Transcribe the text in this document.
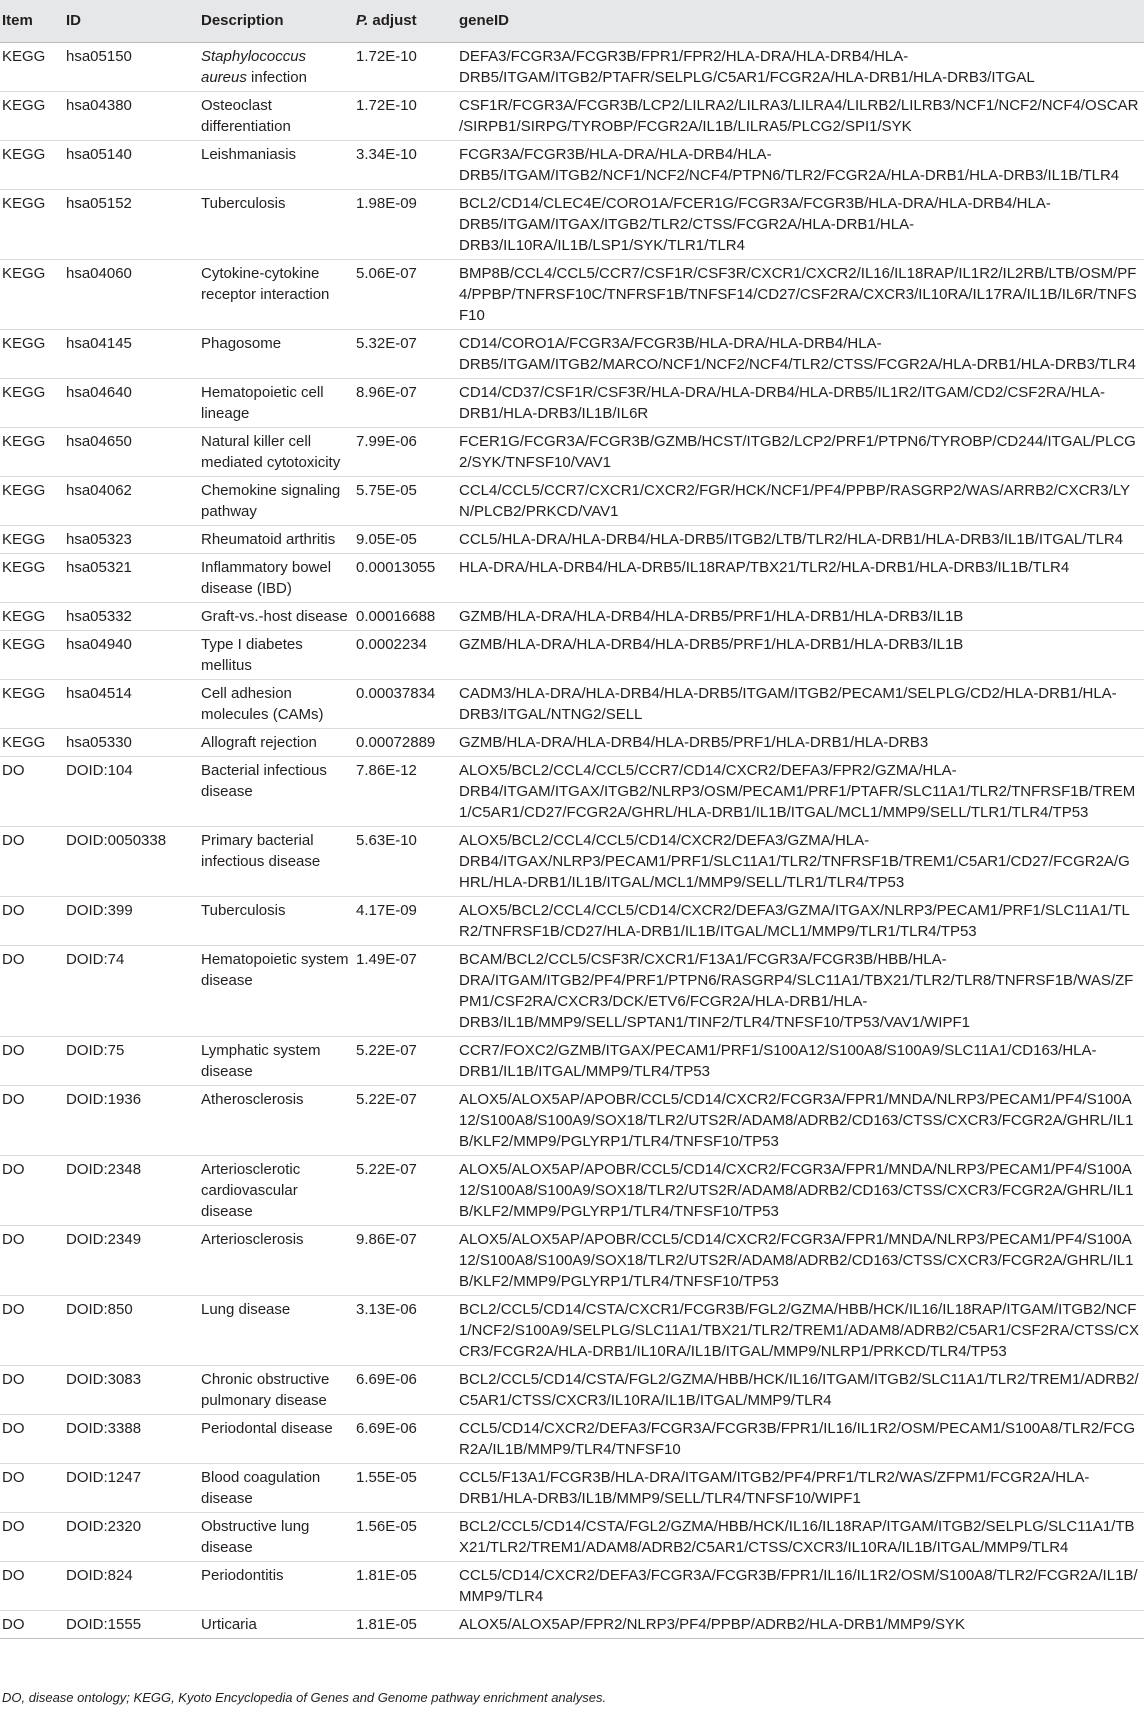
Item	ID	Description	P. adjust	geneID
KEGG	hsa05150	Staphylococcus aureus infection	1.72E-10	DEFA3/FCGR3A/FCGR3B/FPR1/FPR2/HLA-DRA/HLA-DRB4/HLA-DRB5/ITGAM/ITGB2/PTAFR/SELPLG/C5AR1/FCGR2A/HLA-DRB1/HLA-DRB3/ITGAL
KEGG	hsa04380	Osteoclast differentiation	1.72E-10	CSF1R/FCGR3A/FCGR3B/LCP2/LILRA2/LILRA3/LILRA4/LILRB2/LILRB3/NCF1/NCF2/NCF4/OSCAR/SIRPB1/SIRPG/TYROBP/FCGR2A/IL1B/LILRA5/PLCG2/SPI1/SYK
KEGG	hsa05140	Leishmaniasis	3.34E-10	FCGR3A/FCGR3B/HLA-DRA/HLA-DRB4/HLA-DRB5/ITGAM/ITGB2/NCF1/NCF2/NCF4/PTPN6/TLR2/FCGR2A/HLA-DRB1/HLA-DRB3/IL1B/TLR4
KEGG	hsa05152	Tuberculosis	1.98E-09	BCL2/CD14/CLEC4E/CORO1A/FCER1G/FCGR3A/FCGR3B/HLA-DRA/HLA-DRB4/HLA-DRB5/ITGAM/ITGAX/ITGB2/TLR2/CTSS/FCGR2A/HLA-DRB1/HLA-DRB3/IL10RA/IL1B/LSP1/SYK/TLR1/TLR4
KEGG	hsa04060	Cytokine-cytokine receptor interaction	5.06E-07	BMP8B/CCL4/CCL5/CCR7/CSF1R/CSF3R/CXCR1/CXCR2/IL16/IL18RAP/IL1R2/IL2RB/LTB/OSM/PF4/PPBP/TNFRSF10C/TNFRSF1B/TNFSF14/CD27/CSF2RA/CXCR3/IL10RA/IL17RA/IL1B/IL6R/TNFSF10
KEGG	hsa04145	Phagosome	5.32E-07	CD14/CORO1A/FCGR3A/FCGR3B/HLA-DRA/HLA-DRB4/HLA-DRB5/ITGAM/ITGB2/MARCO/NCF1/NCF2/NCF4/TLR2/CTSS/FCGR2A/HLA-DRB1/HLA-DRB3/TLR4
KEGG	hsa04640	Hematopoietic cell lineage	8.96E-07	CD14/CD37/CSF1R/CSF3R/HLA-DRA/HLA-DRB4/HLA-DRB5/IL1R2/ITGAM/CD2/CSF2RA/HLA-DRB1/HLA-DRB3/IL1B/IL6R
KEGG	hsa04650	Natural killer cell mediated cytotoxicity	7.99E-06	FCER1G/FCGR3A/FCGR3B/GZMB/HCST/ITGB2/LCP2/PRF1/PTPN6/TYROBP/CD244/ITGAL/PLCG2/SYK/TNFSF10/VAV1
KEGG	hsa04062	Chemokine signaling pathway	5.75E-05	CCL4/CCL5/CCR7/CXCR1/CXCR2/FGR/HCK/NCF1/PF4/PPBP/RASGRP2/WAS/ARRB2/CXCR3/LYN/PLCB2/PRKCD/VAV1
KEGG	hsa05323	Rheumatoid arthritis	9.05E-05	CCL5/HLA-DRA/HLA-DRB4/HLA-DRB5/ITGB2/LTB/TLR2/HLA-DRB1/HLA-DRB3/IL1B/ITGAL/TLR4
KEGG	hsa05321	Inflammatory bowel disease (IBD)	0.00013055	HLA-DRA/HLA-DRB4/HLA-DRB5/IL18RAP/TBX21/TLR2/HLA-DRB1/HLA-DRB3/IL1B/TLR4
KEGG	hsa05332	Graft-vs.-host disease	0.00016688	GZMB/HLA-DRA/HLA-DRB4/HLA-DRB5/PRF1/HLA-DRB1/HLA-DRB3/IL1B
KEGG	hsa04940	Type I diabetes mellitus	0.0002234	GZMB/HLA-DRA/HLA-DRB4/HLA-DRB5/PRF1/HLA-DRB1/HLA-DRB3/IL1B
KEGG	hsa04514	Cell adhesion molecules (CAMs)	0.00037834	CADM3/HLA-DRA/HLA-DRB4/HLA-DRB5/ITGAM/ITGB2/PECAM1/SELPLG/CD2/HLA-DRB1/HLA-DRB3/ITGAL/NTNG2/SELL
KEGG	hsa05330	Allograft rejection	0.00072889	GZMB/HLA-DRA/HLA-DRB4/HLA-DRB5/PRF1/HLA-DRB1/HLA-DRB3
DO	DOID:104	Bacterial infectious disease	7.86E-12	ALOX5/BCL2/CCL4/CCL5/CCR7/CD14/CXCR2/DEFA3/FPR2/GZMA/HLA-DRB4/ITGAM/ITGAX/ITGB2/NLRP3/OSM/PECAM1/PRF1/PTAFR/SLC11A1/TLR2/TNFRSF1B/TREM1/C5AR1/CD27/FCGR2A/GHRL/HLA-DRB1/IL1B/ITGAL/MCL1/MMP9/SELL/TLR1/TLR4/TP53
DO	DOID:0050338	Primary bacterial infectious disease	5.63E-10	ALOX5/BCL2/CCL4/CCL5/CD14/CXCR2/DEFA3/GZMA/HLA-DRB4/ITGAX/NLRP3/PECAM1/PRF1/SLC11A1/TLR2/TNFRSF1B/TREM1/C5AR1/CD27/FCGR2A/GHRL/HLA-DRB1/IL1B/ITGAL/MCL1/MMP9/SELL/TLR1/TLR4/TP53
DO	DOID:399	Tuberculosis	4.17E-09	ALOX5/BCL2/CCL4/CCL5/CD14/CXCR2/DEFA3/GZMA/ITGAX/NLRP3/PECAM1/PRF1/SLC11A1/TLR2/TNFRSF1B/CD27/HLA-DRB1/IL1B/ITGAL/MCL1/MMP9/TLR1/TLR4/TP53
DO	DOID:74	Hematopoietic system disease	1.49E-07	BCAM/BCL2/CCL5/CSF3R/CXCR1/F13A1/FCGR3A/FCGR3B/HBB/HLA-DRA/ITGAM/ITGB2/PF4/PRF1/PTPN6/RASGRP4/SLC11A1/TBX21/TLR2/TLR8/TNFRSF1B/WAS/ZFPM1/CSF2RA/CXCR3/DCK/ETV6/FCGR2A/HLA-DRB1/HLA-DRB3/IL1B/MMP9/SELL/SPTAN1/TINF2/TLR4/TNFSF10/TP53/VAV1/WIPF1
DO	DOID:75	Lymphatic system disease	5.22E-07	CCR7/FOXC2/GZMB/ITGAX/PECAM1/PRF1/S100A12/S100A8/S100A9/SLC11A1/CD163/HLA-DRB1/IL1B/ITGAL/MMP9/TLR4/TP53
DO	DOID:1936	Atherosclerosis	5.22E-07	ALOX5/ALOX5AP/APOBR/CCL5/CD14/CXCR2/FCGR3A/FPR1/MNDA/NLRP3/PECAM1/PF4/S100A12/S100A8/S100A9/SOX18/TLR2/UTS2R/ADAM8/ADRB2/CD163/CTSS/CXCR3/FCGR2A/GHRL/IL1B/KLF2/MMP9/PGLYRP1/TLR4/TNFSF10/TP53
DO	DOID:2348	Arteriosclerotic cardiovascular disease	5.22E-07	ALOX5/ALOX5AP/APOBR/CCL5/CD14/CXCR2/FCGR3A/FPR1/MNDA/NLRP3/PECAM1/PF4/S100A12/S100A8/S100A9/SOX18/TLR2/UTS2R/ADAM8/ADRB2/CD163/CTSS/CXCR3/FCGR2A/GHRL/IL1B/KLF2/MMP9/PGLYRP1/TLR4/TNFSF10/TP53
DO	DOID:2349	Arteriosclerosis	9.86E-07	ALOX5/ALOX5AP/APOBR/CCL5/CD14/CXCR2/FCGR3A/FPR1/MNDA/NLRP3/PECAM1/PF4/S100A12/S100A8/S100A9/SOX18/TLR2/UTS2R/ADAM8/ADRB2/CD163/CTSS/CXCR3/FCGR2A/GHRL/IL1B/KLF2/MMP9/PGLYRP1/TLR4/TNFSF10/TP53
DO	DOID:850	Lung disease	3.13E-06	BCL2/CCL5/CD14/CSTA/CXCR1/FCGR3B/FGL2/GZMA/HBB/HCK/IL16/IL18RAP/ITGAM/ITGB2/NCF1/NCF2/S100A9/SELPLG/SLC11A1/TBX21/TLR2/TREM1/ADAM8/ADRB2/C5AR1/CSF2RA/CTSS/CXCR3/FCGR2A/HLA-DRB1/IL10RA/IL1B/ITGAL/MMP9/NLRP1/PRKCD/TLR4/TP53
DO	DOID:3083	Chronic obstructive pulmonary disease	6.69E-06	BCL2/CCL5/CD14/CSTA/FGL2/GZMA/HBB/HCK/IL16/ITGAM/ITGB2/SLC11A1/TLR2/TREM1/ADRB2/C5AR1/CTSS/CXCR3/IL10RA/IL1B/ITGAL/MMP9/TLR4
DO	DOID:3388	Periodontal disease	6.69E-06	CCL5/CD14/CXCR2/DEFA3/FCGR3A/FCGR3B/FPR1/IL16/IL1R2/OSM/PECAM1/S100A8/TLR2/FCGR2A/IL1B/MMP9/TLR4/TNFSF10
DO	DOID:1247	Blood coagulation disease	1.55E-05	CCL5/F13A1/FCGR3B/HLA-DRA/ITGAM/ITGB2/PF4/PRF1/TLR2/WAS/ZFPM1/FCGR2A/HLA-DRB1/HLA-DRB3/IL1B/MMP9/SELL/TLR4/TNFSF10/WIPF1
DO	DOID:2320	Obstructive lung disease	1.56E-05	BCL2/CCL5/CD14/CSTA/FGL2/GZMA/HBB/HCK/IL16/IL18RAP/ITGAM/ITGB2/SELPLG/SLC11A1/TBX21/TLR2/TREM1/ADAM8/ADRB2/C5AR1/CTSS/CXCR3/IL10RA/IL1B/ITGAL/MMP9/TLR4
DO	DOID:824	Periodontitis	1.81E-05	CCL5/CD14/CXCR2/DEFA3/FCGR3A/FCGR3B/FPR1/IL16/IL1R2/OSM/S100A8/TLR2/FCGR2A/IL1B/MMP9/TLR4
DO	DOID:1555	Urticaria	1.81E-05	ALOX5/ALOX5AP/FPR2/NLRP3/PF4/PPBP/ADRB2/HLA-DRB1/MMP9/SYK
DO, disease ontology; KEGG, Kyoto Encyclopedia of Genes and Genome pathway enrichment analyses.
